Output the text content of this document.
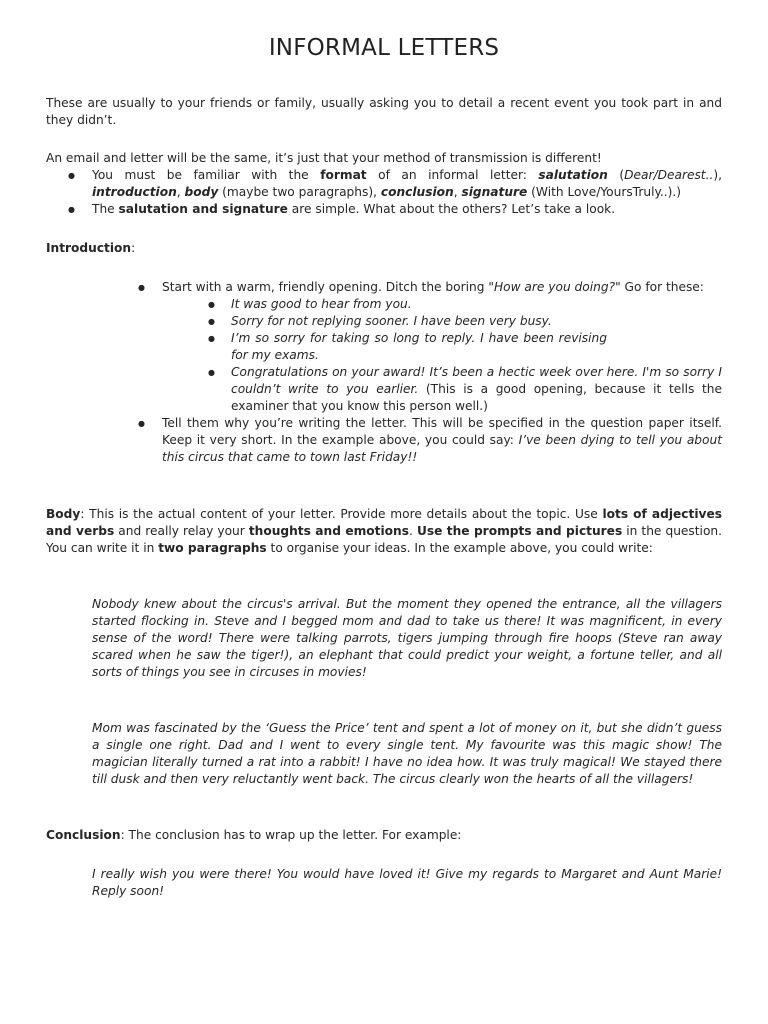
INFORMAL LETTERS

These are usually to your friends or family, usually asking you to detail a recent event you took part in and they didn’t.

An email and letter will be the same, it’s just that your method of transmission is different!

● You must be familiar with the format of an informal letter: salutation (Dear/Dearest..), introduction, body (maybe two paragraphs), conclusion, signature (With Love/YoursTruly..).)
● The salutation and signature are simple. What about the others? Let’s take a look.

Introduction:

● Start with a warm, friendly opening. Ditch the boring "How are you doing?" Go for these:
● It was good to hear from you.
● Sorry for not replying sooner. I have been very busy.
● I’m so sorry for taking so long to reply. I have been revising for my exams.
● Congratulations on your award! It’s been a hectic week over here. I'm so sorry I couldn’t write to you earlier. (This is a good opening, because it tells the examiner that you know this person well.)
● Tell them why you’re writing the letter. This will be specified in the question paper itself. Keep it very short. In the example above, you could say: I’ve been dying to tell you about this circus that came to town last Friday!!

Body: This is the actual content of your letter. Provide more details about the topic. Use lots of adjectives and verbs and really relay your thoughts and emotions. Use the prompts and pictures in the question. You can write it in two paragraphs to organise your ideas. In the example above, you could write:

Nobody knew about the circus's arrival. But the moment they opened the entrance, all the villagers started flocking in. Steve and I begged mom and dad to take us there! It was magnificent, in every sense of the word! There were talking parrots, tigers jumping through fire hoops (Steve ran away scared when he saw the tiger!), an elephant that could predict your weight, a fortune teller, and all sorts of things you see in circuses in movies!

Mom was fascinated by the ‘Guess the Price’ tent and spent a lot of money on it, but she didn’t guess a single one right. Dad and I went to every single tent. My favourite was this magic show! The magician literally turned a rat into a rabbit! I have no idea how. It was truly magical! We stayed there till dusk and then very reluctantly went back. The circus clearly won the hearts of all the villagers!

Conclusion: The conclusion has to wrap up the letter. For example:

I really wish you were there! You would have loved it! Give my regards to Margaret and Aunt Marie! Reply soon!
